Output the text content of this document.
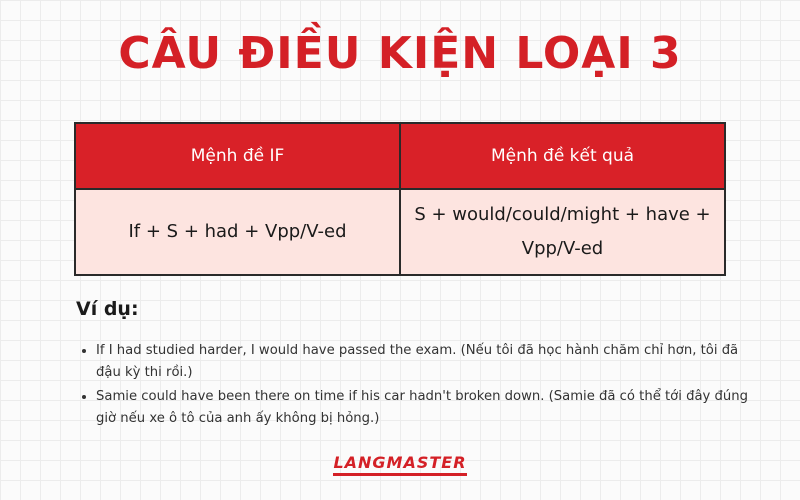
CÂU ĐIỀU KIỆN LOẠI 3
Mệnh đề IF	Mệnh đề kết quả
If + S + had + Vpp/V-ed	S + would/could/might + have + Vpp/V-ed
Ví dụ:
• If I had studied harder, I would have passed the exam. (Nếu tôi đã học hành chăm chỉ hơn, tôi đã đậu kỳ thi rồi.)
• Samie could have been there on time if his car hadn't broken down. (Samie đã có thể tới đây đúng giờ nếu xe ô tô của anh ấy không bị hỏng.)
LANGMASTER
